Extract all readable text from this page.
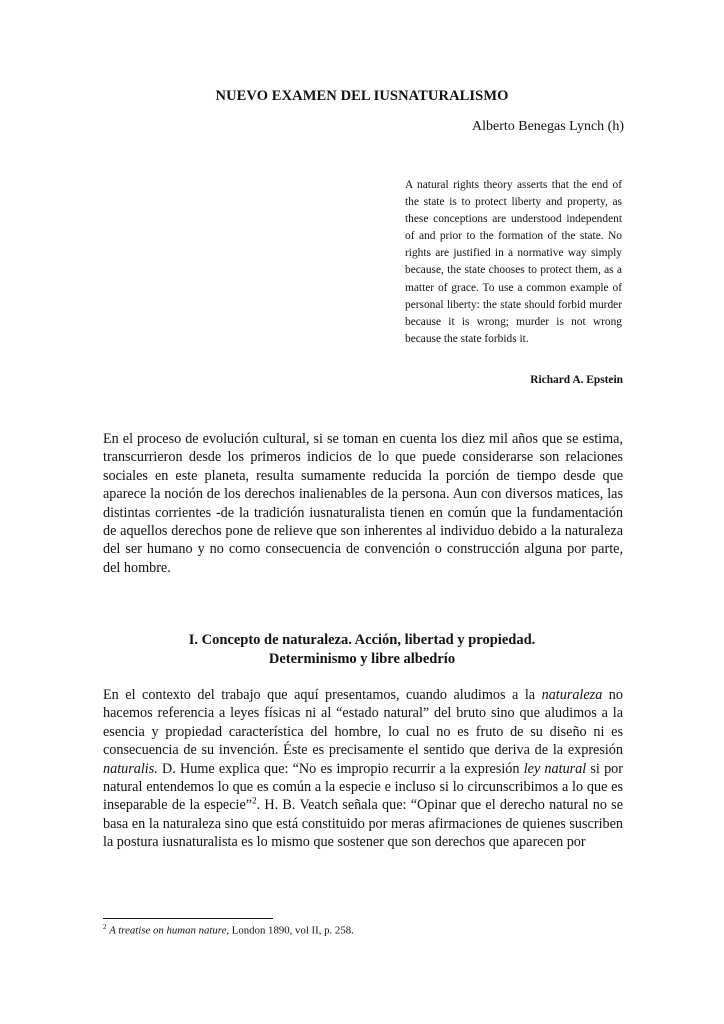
NUEVO EXAMEN DEL IUSNATURALISMO
Alberto Benegas Lynch (h)
A natural rights theory asserts that the end of the state is to protect liberty and property, as these conceptions are understood independent of and prior to the formation of the state. No rights are justified in a normative way simply because, the state chooses to protect them, as a matter of grace. To use a common example of personal liberty: the state should forbid murder because it is wrong; murder is not wrong because the state forbids it.
Richard A. Epstein
En el proceso de evolución cultural, si se toman en cuenta los diez mil años que se estima, transcurrieron desde los primeros indicios de lo que puede considerarse son relaciones sociales en este planeta, resulta sumamente reducida la porción de tiempo desde que aparece la noción de los derechos inalienables de la persona. Aun con diversos matices, las distintas corrientes -de la tradición iusnaturalista tienen en común que la fundamentación de aquellos derechos pone de relieve que son inherentes al individuo debido a la naturaleza del ser humano y no como consecuencia de convención o construcción alguna por parte, del hombre.
I. Concepto de naturaleza. Acción, libertad y propiedad.
Determinismo y libre albedrío
En el contexto del trabajo que aquí presentamos, cuando aludimos a la naturaleza no hacemos referencia a leyes físicas ni al “estado natural” del bruto sino que aludimos a la esencia y propiedad característica del hombre, lo cual no es fruto de su diseño ni es consecuencia de su invención. Éste es precisamente el sentido que deriva de la expresión naturalis. D. Hume explica que: “No es impropio recurrir a la expresión ley natural si por natural entendemos lo que es común a la especie e incluso si lo circunscribimos a lo que es inseparable de la especie”$^2$. H. B. Veatch señala que: “Opinar que el derecho natural no se basa en la naturaleza sino que está constituido por meras afirmaciones de quienes suscriben la postura iusnaturalista es lo mismo que sostener que son derechos que aparecen por
$^2$ A treatise on human nature, London 1890, vol II, p. 258.
